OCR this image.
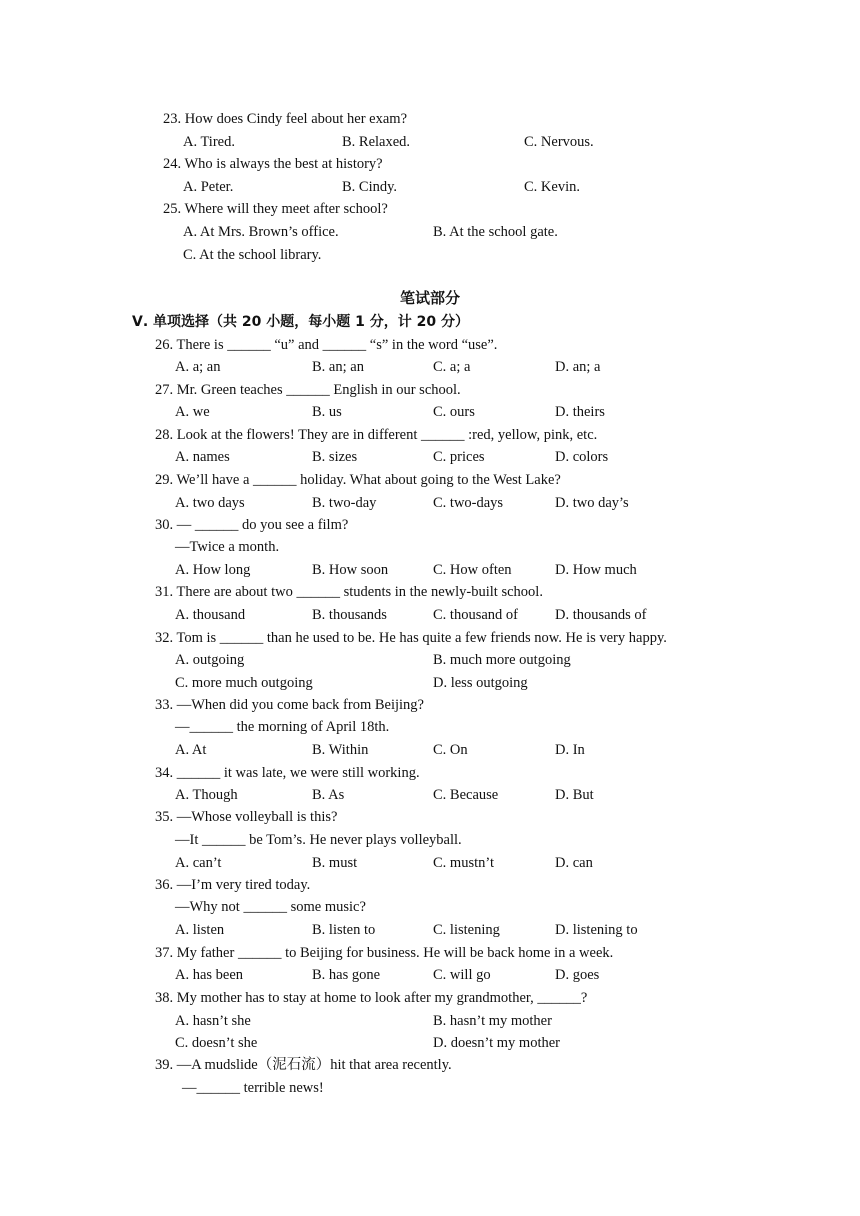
23. How does Cindy feel about her exam?
A. Tired.	B. Relaxed.	C. Nervous.
24. Who is always the best at history?
A. Peter.	B. Cindy.	C. Kevin.
25. Where will they meet after school?
A. At Mrs. Brown’s office.	B. At the school gate.
C. At the school library.
笔试部分
Ⅴ. 单项选择（共 20 小题，每小题 1 分，计 20 分）
26. There is ______ “u” and ______ “s” in the word “use”.
A. a; an	B. an; an	C. a; a	D. an; a
27. Mr. Green teaches ______ English in our school.
A. we	B. us	C. ours	D. theirs
28. Look at the flowers! They are in different ______ :red, yellow, pink, etc.
A. names	B. sizes	C. prices	D. colors
29. We’ll have a ______ holiday. What about going to the West Lake?
A. two days	B. two-day	C. two-days	D. two day’s
30. — ______ do you see a film?
—Twice a month.
A. How long	B. How soon	C. How often	D. How much
31. There are about two ______ students in the newly-built school.
A. thousand	B. thousands	C. thousand of	D. thousands of
32. Tom is ______ than he used to be. He has quite a few friends now. He is very happy.
A. outgoing	B. much more outgoing
C. more much outgoing	D. less outgoing
33. —When did you come back from Beijing?
—______ the morning of April 18th.
A. At	B. Within	C. On	D. In
34. ______ it was late, we were still working.
A. Though	B. As	C. Because	D. But
35. —Whose volleyball is this?
—It ______ be Tom’s. He never plays volleyball.
A. can’t	B. must	C. mustn’t	D. can
36. —I’m very tired today.
—Why not ______ some music?
A. listen	B. listen to	C. listening	D. listening to
37. My father ______ to Beijing for business. He will be back home in a week.
A. has been	B. has gone	C. will go	D. goes
38. My mother has to stay at home to look after my grandmother, ______?
A. hasn’t she	B. hasn’t my mother
C. doesn’t she	D. doesn’t my mother
39. —A mudslide（泥石流）hit that area recently.
—______ terrible news!
